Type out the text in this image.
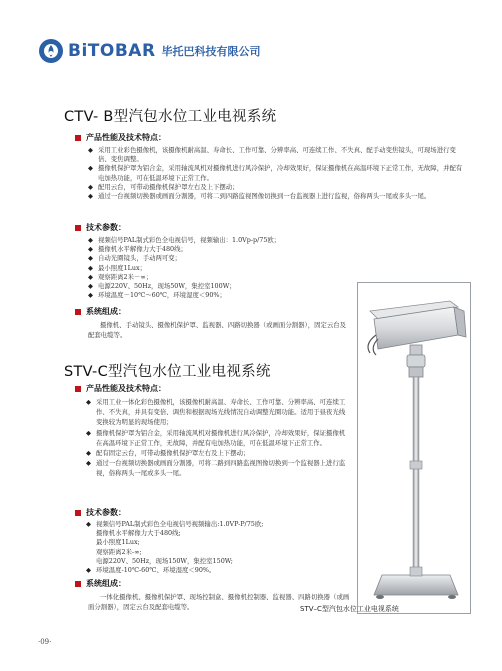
BiTOBAR 毕托巴科技有限公司
CTV- B型汽包水位工业电视系统
产品性能及技术特点：
◆ 采用工业彩色摄像机，该摄像机耐高温、寿命长、工作可靠、分辨率高、可连续工作、不失真、配手动变焦镜头，可现场进行变倍、变焦调整。
◆ 摄像机保护罩为铝合金，采用轴流风机对摄像机进行风冷保护，冷却效果好，保证摄像机在高温环境下正常工作，无故障，并配有电加热功能，可在低温环境下正常工作。
◆ 配用云台，可带动摄像机保护罩左右及上下摆动；
◆ 通过一台视频切换器或画面分割器，可将二到四路监视图像切换到一台监视器上进行监视，俗称两头一尾或多头一尾。
技术参数：
◆ 视频信号PAL制式彩色全电视信号，视频输出：1.0Vp-p/75欧；
◆ 摄像机水平解像力大于480线；
◆ 自动光圈镜头，手动两可变；
◆ 最小照度1Lux；
◆ 观察距离2米－∞；
◆ 电源220V、50Hz，现场50W，集控室100W；
◆ 环境温度－10℃～60℃，环境湿度＜90%；
系统组成：
摄像机、手动镜头、摄像机保护罩、监视器、四路切换器（或画面分割器），固定云台及配套电缆等。
STV-C型汽包水位工业电视系统
产品性能及技术特点：
◆ 采用工业一体化彩色摄像机，该摄像机耐高温、寿命长、工作可靠、分辨率高、可连续工作、不失真，并具有变倍、调焦和根据现场光线情况自动调整光圈功能。适用于昼夜光线变换较为明显的现场使用；
◆ 摄像机保护罩为铝合金，采用轴流风机对摄像机进行风冷保护，冷却效果好，保证摄像机在高温环境下正常工作，无故障，并配有电加热功能，可在低温环境下正常工作。
◆ 配有固定云台，可带动摄像机保护罩左右及上下摆动；
◆ 通过一台视频切换器或画面分割器，可将二路到四路监视图像切换到一个监视器上进行监视，俗称两头一尾或多头一尾。
技术参数：
◆ 视频信号PAL制式彩色全电视信号视频输出:1.0VP-P/75欧;
摄像机水平解像力大于480线;
最小照度1Lux;
观察距离2米-∞;
电源220V、50Hz，现场150W，集控室150W;
◆ 环境温度-10℃-60℃、环境湿度＜90%。
系统组成：
一体化摄像机、摄像机保护罩、现场控制盒、摄像机控制器、监视器、四路切换器（或画面分割器），固定云台及配套电缆等。	STV–C型汽包水位工业电视系统
·09·
